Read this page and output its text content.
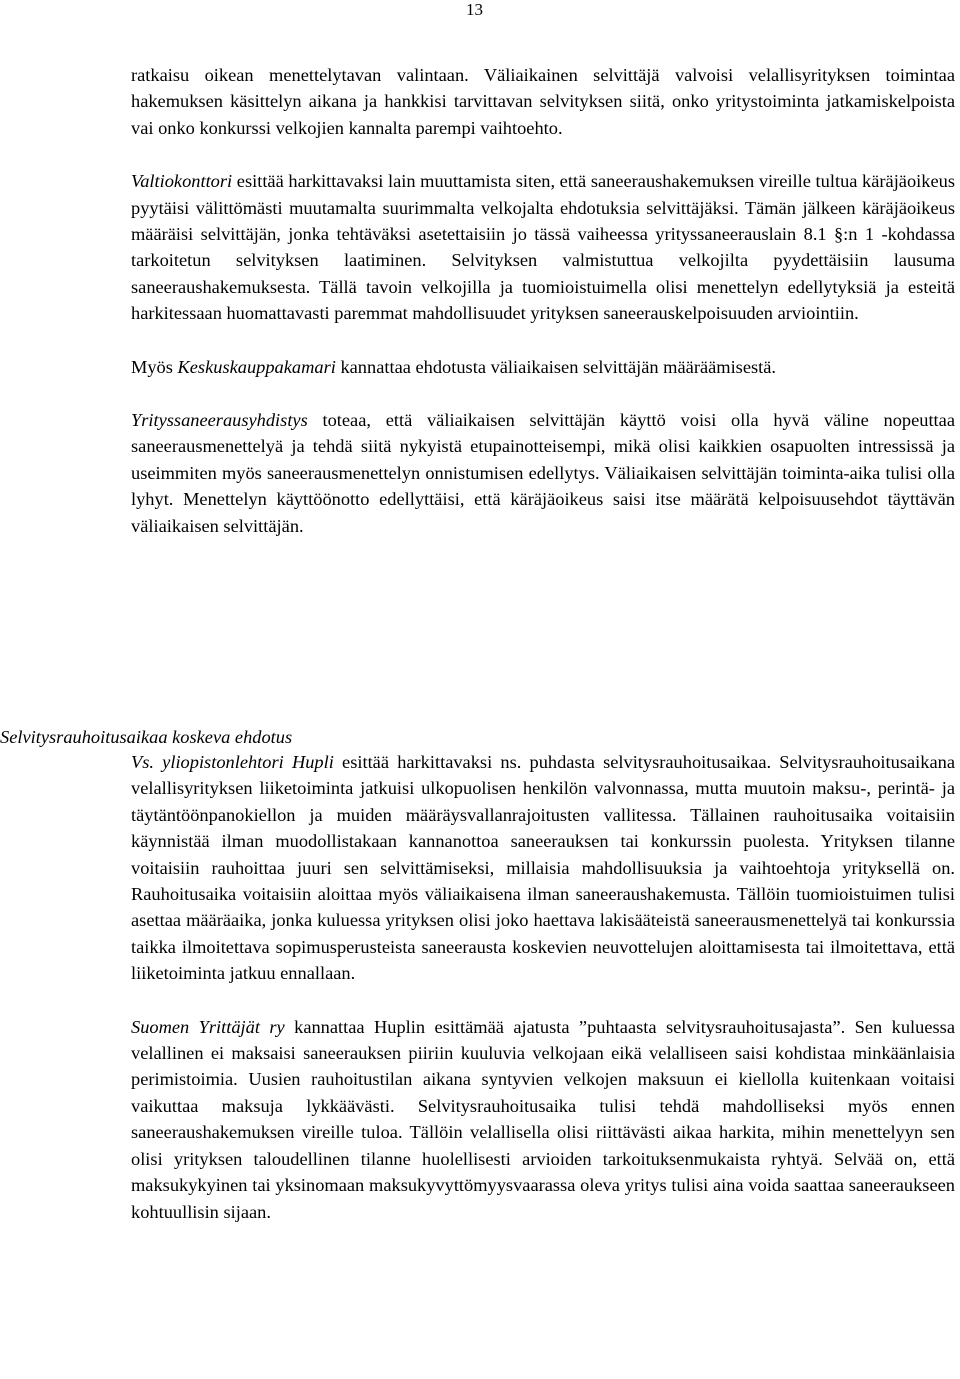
13

ratkaisu oikean menettelytavan valintaan. Väliaikainen selvittäjä valvoisi velallisyrityksen toimintaa hakemuksen käsittelyn aikana ja hankkisi tarvittavan selvityksen siitä, onko yritystoiminta jatkamiskelpoista vai onko konkurssi velkojien kannalta parempi vaihtoehto.

Valtiokonttori esittää harkittavaksi lain muuttamista siten, että saneeraushakemuksen vireille tultua käräjäoikeus pyytäisi välittömästi muutamalta suurimmalta velkojalta ehdotuksia selvittäjäksi. Tämän jälkeen käräjäoikeus määräisi selvittäjän, jonka tehtäväksi asetettaisiin jo tässä vaiheessa yrityssaneerauslain 8.1 §:n 1 -kohdassa tarkoitetun selvityksen laatiminen. Selvityksen valmistuttua velkojilta pyydettäisiin lausuma saneeraushakemuksesta. Tällä tavoin velkojilla ja tuomioistuimella olisi menettelyn edellytyksiä ja esteitä harkitessaan huomattavasti paremmat mahdollisuudet yrityksen saneerauskelpoisuuden arviointiin.

Myös Keskuskauppakamari kannattaa ehdotusta väliaikaisen selvittäjän määräämisestä.

Yrityssaneerausyhdistys toteaa, että väliaikaisen selvittäjän käyttö voisi olla hyvä väline nopeuttaa saneerausmenettelyä ja tehdä siitä nykyistä etupainotteisempi, mikä olisi kaikkien osapuolten intressissä ja useimmiten myös saneerausmenettelyn onnistumisen edellytys. Väliaikaisen selvittäjän toiminta-aika tulisi olla lyhyt. Menettelyn käyttöönotto edellyttäisi, että käräjäoikeus saisi itse määrätä kelpoisuusehdot täyttävän väliaikaisen selvittäjän.

Selvitysrauhoitusaikaa koskeva ehdotus

Vs. yliopistonlehtori Hupli esittää harkittavaksi ns. puhdasta selvitysrauhoitusaikaa. Selvitysrauhoitusaikana velallisyrityksen liiketoiminta jatkuisi ulkopuolisen henkilön valvonnassa, mutta muutoin maksu-, perintä- ja täytäntöönpanokiellon ja muiden määräysvallanrajoitusten vallitessa. Tällainen rauhoitusaika voitaisiin käynnistää ilman muodollistakaan kannanottoa saneerauksen tai konkurssin puolesta. Yrityksen tilanne voitaisiin rauhoittaa juuri sen selvittämiseksi, millaisia mahdollisuuksia ja vaihtoehtoja yrityksellä on. Rauhoitusaika voitaisiin aloittaa myös väliaikaisena ilman saneeraushakemusta. Tällöin tuomioistuimen tulisi asettaa määräaika, jonka kuluessa yrityksen olisi joko haettava lakisääteistä saneerausmenettelyä tai konkurssia taikka ilmoitettava sopimusperusteista saneerausta koskevien neuvottelujen aloittamisesta tai ilmoitettava, että liiketoiminta jatkuu ennallaan.

Suomen Yrittäjät ry kannattaa Huplin esittämää ajatusta ”puhtaasta selvitysrauhoitusajasta”. Sen kuluessa velallinen ei maksaisi saneerauksen piiriin kuuluvia velkojaan eikä velalliseen saisi kohdistaa minkäänlaisia perimistoimia. Uusien rauhoitustilan aikana syntyvien velkojen maksuun ei kiellolla kuitenkaan voitaisi vaikuttaa maksuja lykkäävästi. Selvitysrauhoitusaika tulisi tehdä mahdolliseksi myös ennen saneeraushakemuksen vireille tuloa. Tällöin velallisella olisi riittävästi aikaa harkita, mihin menettelyyn sen olisi yrityksen taloudellinen tilanne huolellisesti arvioiden tarkoituksenmukaista ryhtyä. Selvää on, että maksukykyinen tai yksinomaan maksukyvyttömyysvaarassa oleva yritys tulisi aina voida saattaa saneeraukseen kohtuullisin sijaan.
